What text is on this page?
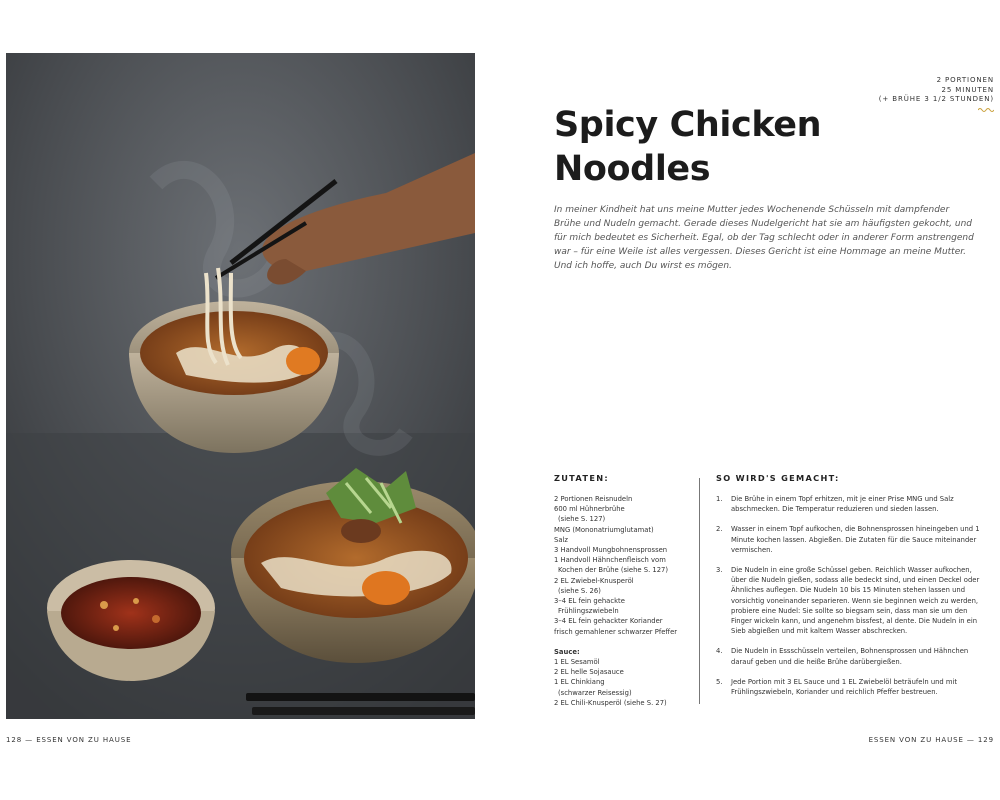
128 — ESSEN VON ZU HAUSE
2 PORTIONEN
25 MINUTEN
(+ BRÜHE 3 1/2 STUNDEN)
Spicy Chicken
Noodles

In meiner Kindheit hat uns meine Mutter jedes Wochenende Schüsseln mit dampfender Brühe und Nudeln gemacht. Gerade dieses Nudelgericht hat sie am häufigsten gekocht, und für mich bedeutet es Sicherheit. Egal, ob der Tag schlecht oder in anderer Form anstrengend war – für eine Weile ist alles vergessen. Dieses Gericht ist eine Hommage an meine Mutter. Und ich hoffe, auch Du wirst es mögen.

ZUTATEN:	SO WIRD'S GEMACHT:
2 Portionen Reisnudeln
600 ml Hühnerbrühe
(siehe S. 127)
MNG (Mononatriumglutamat)
Salz
3 Handvoll Mungbohnensprossen
1 Handvoll Hähnchenfleisch vom
Kochen der Brühe (siehe S. 127)
2 EL Zwiebel-Knusperöl
(siehe S. 26)
3–4 EL fein gehackte
Frühlingszwiebeln
3–4 EL fein gehackter Koriander
frisch gemahlener schwarzer Pfeffer
Sauce:
1 EL Sesamöl
2 EL helle Sojasauce
1 EL Chinkiang
(schwarzer Reisessig)
2 EL Chili-Knusperöl (siehe S. 27)
1. Die Brühe in einem Topf erhitzen, mit je einer Prise MNG und Salz abschmecken. Die Temperatur reduzieren und sieden lassen.
2. Wasser in einem Topf aufkochen, die Bohnensprossen hineingeben und 1 Minute kochen lassen. Abgießen. Die Zutaten für die Sauce miteinander vermischen.
3. Die Nudeln in eine große Schüssel geben. Reichlich Wasser aufkochen, über die Nudeln gießen, sodass alle bedeckt sind, und einen Deckel oder Ähnliches auflegen. Die Nudeln 10 bis 15 Minuten stehen lassen und vorsichtig voneinander separieren. Wenn sie beginnen weich zu werden, probiere eine Nudel: Sie sollte so biegsam sein, dass man sie um den Finger wickeln kann, und angenehm bissfest, al dente. Die Nudeln in ein Sieb abgießen und mit kaltem Wasser abschrecken.
4. Die Nudeln in Essschüsseln verteilen, Bohnensprossen und Hähnchen darauf geben und die heiße Brühe darübergießen.
5. Jede Portion mit 3 EL Sauce und 1 EL Zwiebelöl beträufeln und mit Frühlingszwiebeln, Koriander und reichlich Pfeffer bestreuen.
ESSEN VON ZU HAUSE — 129
